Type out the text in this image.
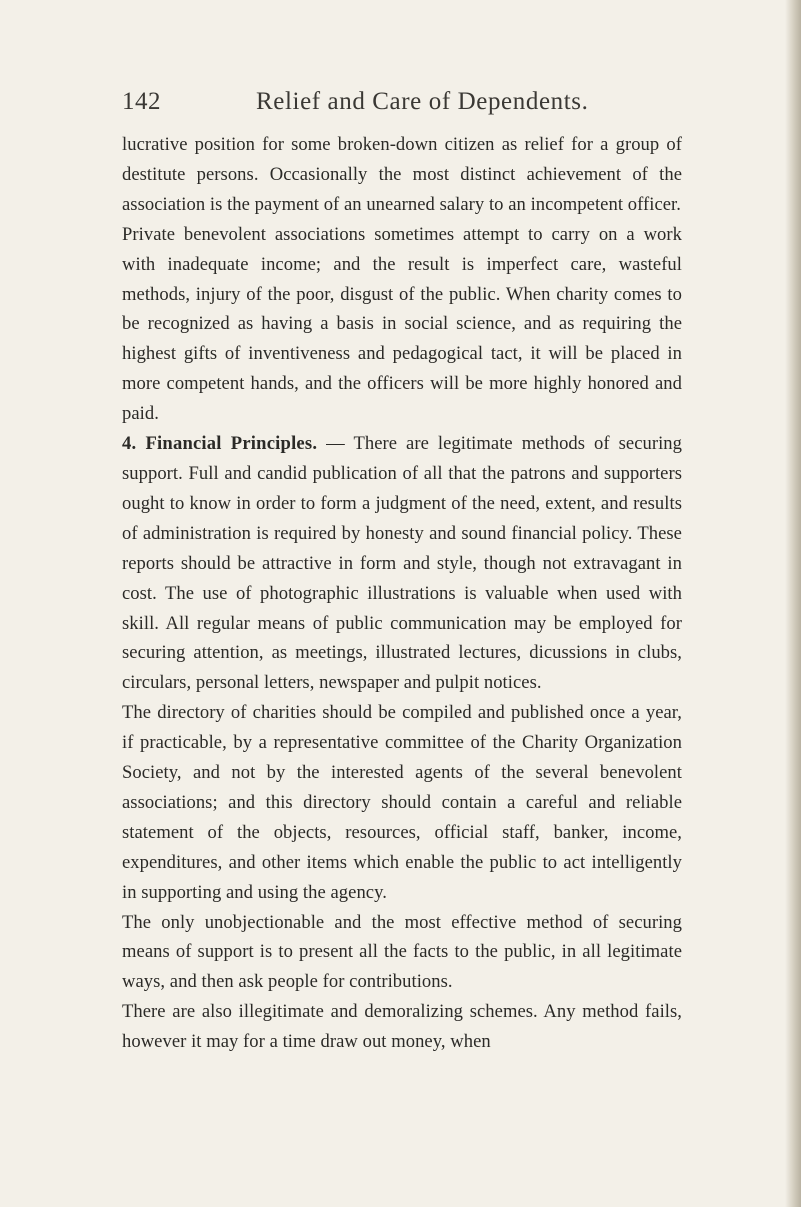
142	Relief and Care of Dependents.

lucrative position for some broken-down citizen as relief for a group of destitute persons. Occasionally the most distinct achievement of the association is the payment of an unearned salary to an incompetent officer.

Private benevolent associations sometimes attempt to carry on a work with inadequate income; and the result is imperfect care, wasteful methods, injury of the poor, disgust of the public. When charity comes to be recognized as having a basis in social science, and as requiring the highest gifts of inventiveness and pedagogical tact, it will be placed in more competent hands, and the officers will be more highly honored and paid.

4. Financial Principles. — There are legitimate methods of securing support. Full and candid publication of all that the patrons and supporters ought to know in order to form a judgment of the need, extent, and results of administration is required by honesty and sound financial policy. These reports should be attractive in form and style, though not extravagant in cost. The use of photographic illustrations is valuable when used with skill. All regular means of public communication may be employed for securing attention, as meetings, illustrated lectures, dicussions in clubs, circulars, personal letters, newspaper and pulpit notices.

The directory of charities should be compiled and published once a year, if practicable, by a representative committee of the Charity Organization Society, and not by the interested agents of the several benevolent associations; and this directory should contain a careful and reliable statement of the objects, resources, official staff, banker, income, expenditures, and other items which enable the public to act intelligently in supporting and using the agency.

The only unobjectionable and the most effective method of securing means of support is to present all the facts to the public, in all legitimate ways, and then ask people for contributions.

There are also illegitimate and demoralizing schemes. Any method fails, however it may for a time draw out money, when
